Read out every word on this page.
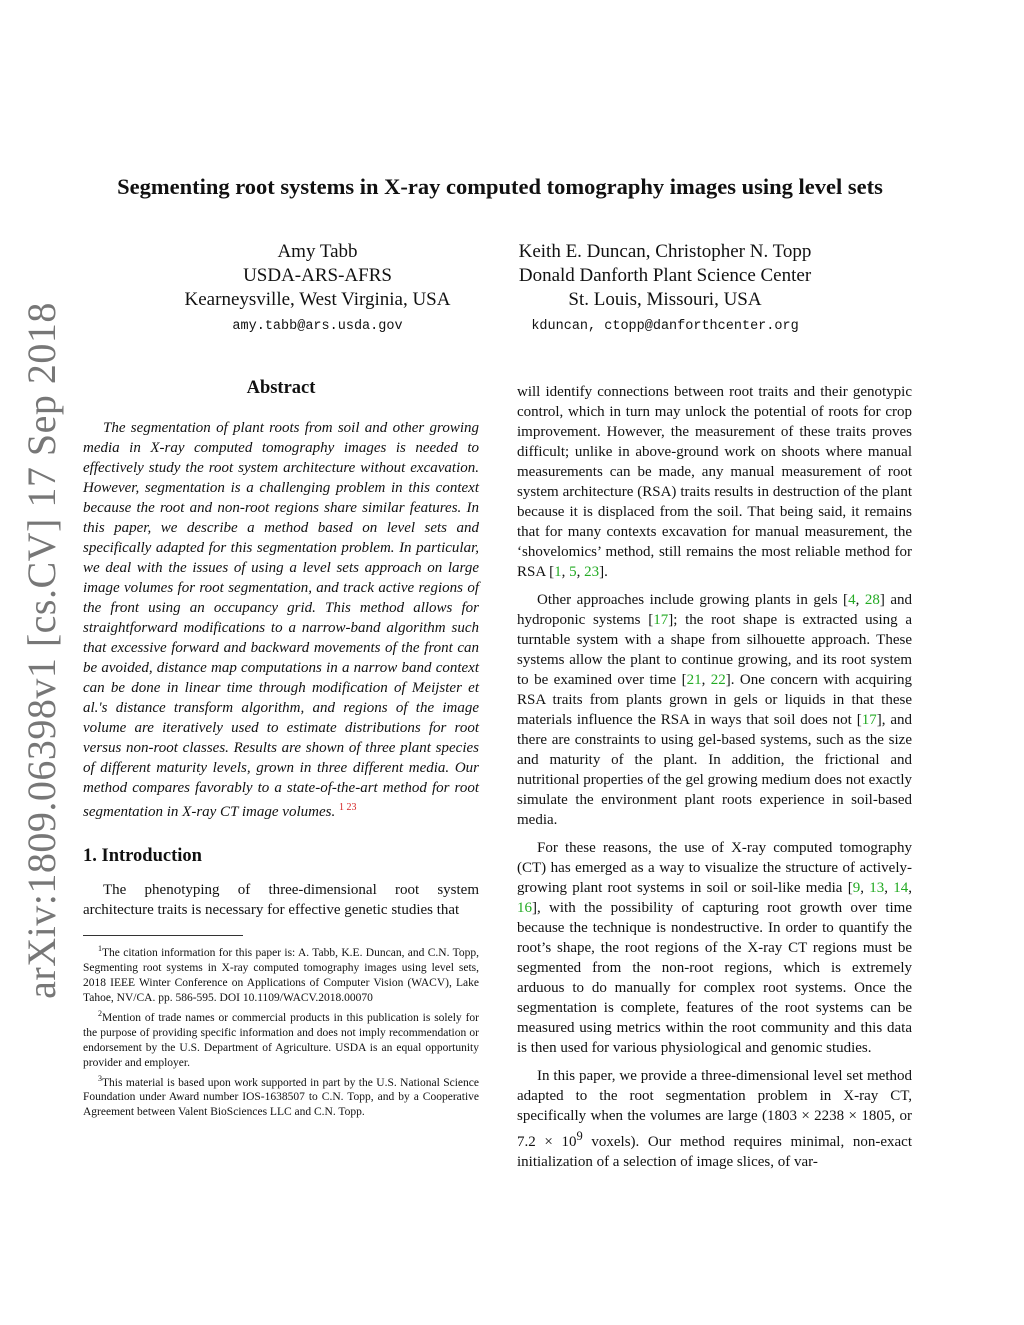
arXiv:1809.06398v1 [cs.CV] 17 Sep 2018
Segmenting root systems in X-ray computed tomography images using level sets
Amy Tabb
USDA-ARS-AFRS
Kearneysville, West Virginia, USA
amy.tabb@ars.usda.gov
Keith E. Duncan, Christopher N. Topp
Donald Danforth Plant Science Center
St. Louis, Missouri, USA
kduncan, ctopp@danforthcenter.org
Abstract

The segmentation of plant roots from soil and other growing media in X-ray computed tomography images is needed to effectively study the root system architecture without excavation. However, segmentation is a challenging problem in this context because the root and non-root regions share similar features. In this paper, we describe a method based on level sets and specifically adapted for this segmentation problem. In particular, we deal with the issues of using a level sets approach on large image volumes for root segmentation, and track active regions of the front using an occupancy grid. This method allows for straightforward modifications to a narrow-band algorithm such that excessive forward and backward movements of the front can be avoided, distance map computations in a narrow band context can be done in linear time through modification of Meijster et al.'s distance transform algorithm, and regions of the image volume are iteratively used to estimate distributions for root versus non-root classes. Results are shown of three plant species of different maturity levels, grown in three different media. Our method compares favorably to a state-of-the-art method for root segmentation in X-ray CT image volumes. $^{1 23}$

1. Introduction

The phenotyping of three-dimensional root system architecture traits is necessary for effective genetic studies that

$^1$The citation information for this paper is: A. Tabb, K.E. Duncan, and C.N. Topp, Segmenting root systems in X-ray computed tomography images using level sets, 2018 IEEE Winter Conference on Applications of Computer Vision (WACV), Lake Tahoe, NV/CA. pp. 586-595. DOI 10.1109/WACV.2018.00070

$^2$Mention of trade names or commercial products in this publication is solely for the purpose of providing specific information and does not imply recommendation or endorsement by the U.S. Department of Agriculture. USDA is an equal opportunity provider and employer.

$^3$This material is based upon work supported in part by the U.S. National Science Foundation under Award number IOS-1638507 to C.N. Topp, and by a Cooperative Agreement between Valent BioSciences LLC and C.N. Topp.

will identify connections between root traits and their genotypic control, which in turn may unlock the potential of roots for crop improvement. However, the measurement of these traits proves difficult; unlike in above-ground work on shoots where manual measurements can be made, any manual measurement of root system architecture (RSA) traits results in destruction of the plant because it is displaced from the soil. That being said, it remains that for many contexts excavation for manual measurement, the ‘shovelomics’ method, still remains the most reliable method for RSA [1, 5, 23].

Other approaches include growing plants in gels [4, 28] and hydroponic systems [17]; the root shape is extracted using a turntable system with a shape from silhouette approach. These systems allow the plant to continue growing, and its root system to be examined over time [21, 22]. One concern with acquiring RSA traits from plants grown in gels or liquids in that these materials influence the RSA in ways that soil does not [17], and there are constraints to using gel-based systems, such as the size and maturity of the plant. In addition, the frictional and nutritional properties of the gel growing medium does not exactly simulate the environment plant roots experience in soil-based media.

For these reasons, the use of X-ray computed tomography (CT) has emerged as a way to visualize the structure of actively-growing plant root systems in soil or soil-like media [9, 13, 14, 16], with the possibility of capturing root growth over time because the technique is nondestructive. In order to quantify the root’s shape, the root regions of the X-ray CT regions must be segmented from the non-root regions, which is extremely arduous to do manually for complex root systems. Once the segmentation is complete, features of the root systems can be measured using metrics within the root community and this data is then used for various physiological and genomic studies.

In this paper, we provide a three-dimensional level set method adapted to the root segmentation problem in X-ray CT, specifically when the volumes are large (1803 × 2238 × 1805, or $7.2 \times 10^9$ voxels). Our method requires minimal, non-exact initialization of a selection of image slices, of var-
